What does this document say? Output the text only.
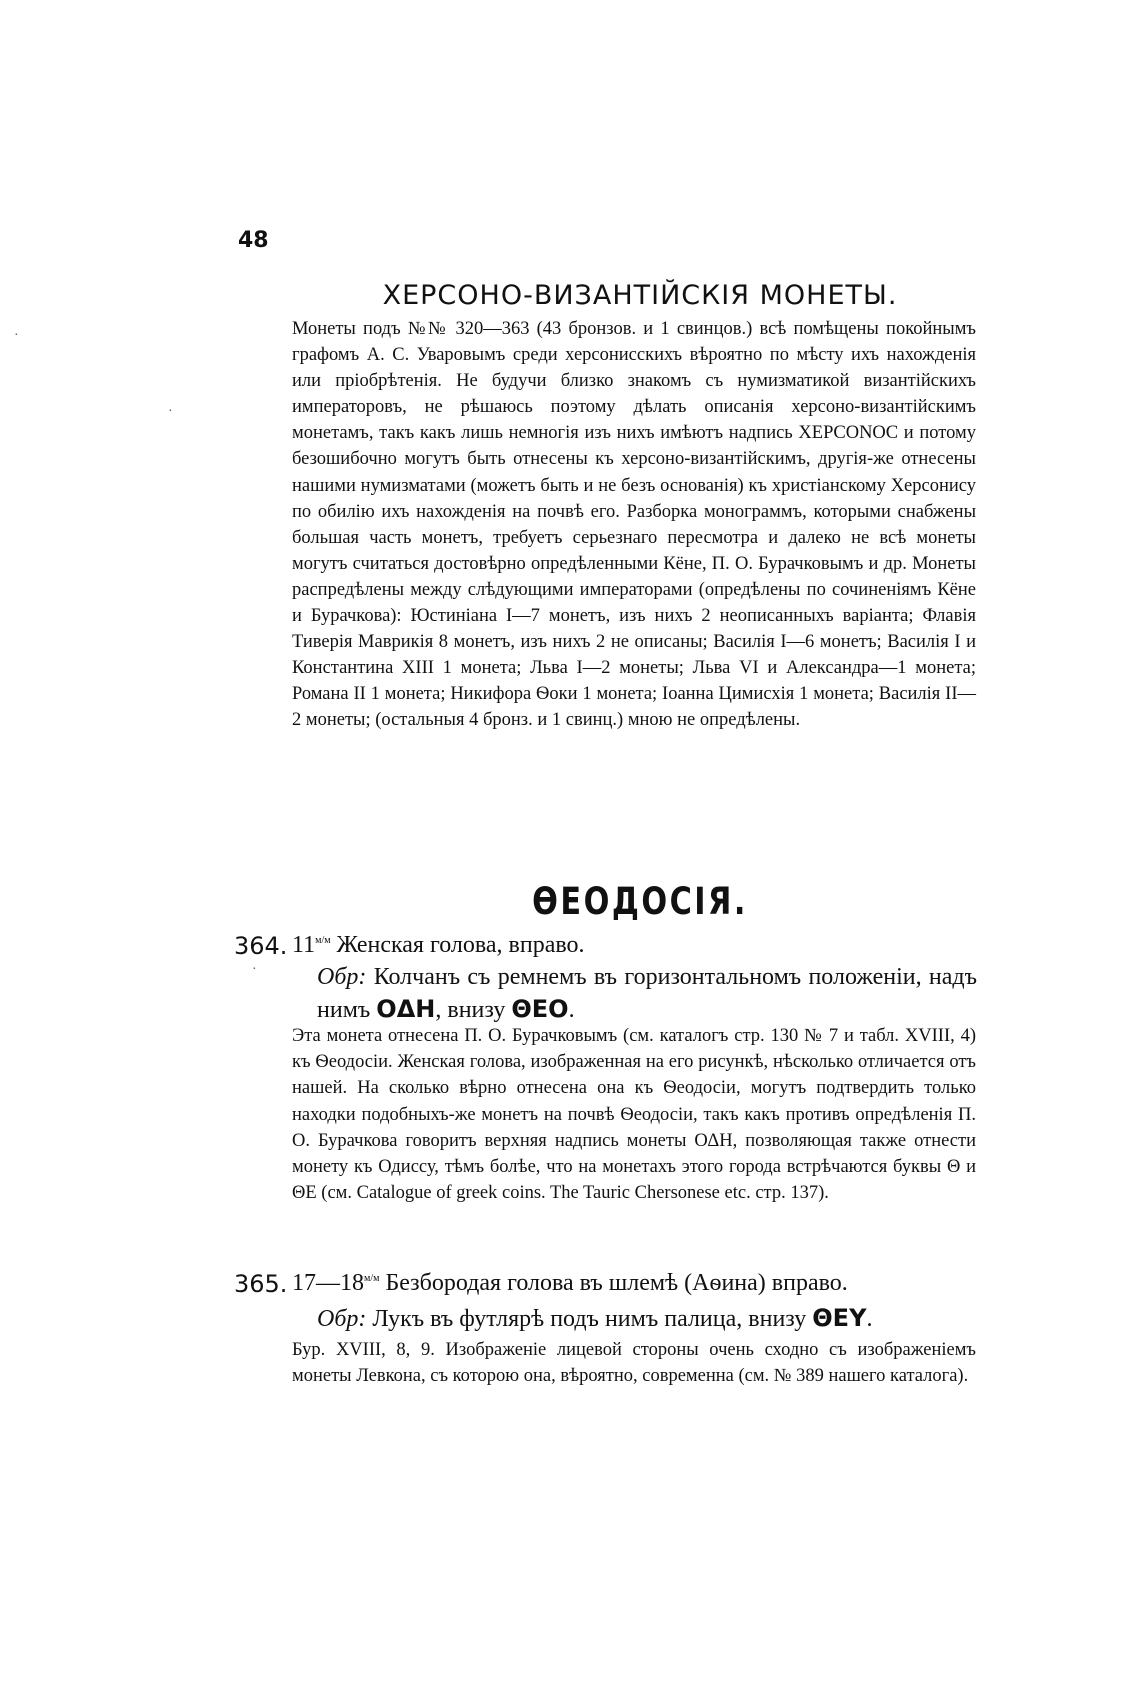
48
ХЕРСОНО-ВИЗАНТІЙСКІЯ МОНЕТЫ.
Монеты подъ №№ 320—363 (43 бронзов. и 1 свинцов.) всѣ помѣщены покойнымъ графомъ А. С. Уваровымъ среди херсонисскихъ вѣроятно по мѣсту ихъ нахожденія или пріобрѣтенія. Не будучи близко знакомъ съ нумизматикой византійскихъ императоровъ, не рѣшаюсь поэтому дѣлать описанія херсоно-византійскимъ монетамъ, такъ какъ лишь немногія изъ нихъ имѣютъ надпись ΧΕΡϹΟΝΟϹ и потому безошибочно могутъ быть отнесены къ херсоно-византійскимъ, другія-же отнесены нашими нумизматами (можетъ быть и не безъ основанія) къ христіанскому Херсонису по обилію ихъ нахожденія на почвѣ его. Разборка монограммъ, которыми снабжены большая часть монетъ, требуетъ серьезнаго пересмотра и далеко не всѣ монеты могутъ считаться достовѣрно опредѣленными Кёне, П. О. Бурачковымъ и др. Монеты распредѣлены между слѣдующими императорами (опредѣлены по сочиненіямъ Кёне и Бурачкова): Юстиніана I—7 монетъ, изъ нихъ 2 неописанныхъ варіанта; Флавія Тиверія Маврикія 8 монетъ, изъ нихъ 2 не описаны; Василія I—6 монетъ; Василія I и Константина XIII 1 монета; Льва I—2 монеты; Льва VI и Александра—1 монета; Романа II 1 монета; Никифора Ѳоки 1 монета; Іоанна Цимисхія 1 монета; Василія II—2 монеты; (остальныя 4 бронз. и 1 свинц.) мною не опредѣлены.
ѲЕОДОСІЯ.
364. $11^{м/м}$ Женская голова, вправо.
Обр: Колчанъ съ ремнемъ въ горизонтальномъ положеніи, надъ нимъ ΟΔΗ, внизу ΘΕΟ.
Эта монета отнесена П. О. Бурачковымъ (см. каталогъ стр. 130 № 7 и табл. XVIII, 4) къ Ѳеодосіи. Женская голова, изображенная на его рисункѣ, нѣсколько отличается отъ нашей. На сколько вѣрно отнесена она къ Ѳеодосіи, могутъ подтвердить только находки подобныхъ-же монетъ на почвѣ Ѳеодосіи, такъ какъ противъ опредѣленія П. О. Бурачкова говоритъ верхняя надпись монеты ΟΔΗ, позволяющая также отнести монету къ Одиссу, тѣмъ болѣе, что на монетахъ этого города встрѣчаются буквы Θ и ΘΕ (см. Catalogue of greek coins. The Tauric Chersonese etc. стр. 137).
365. $17—18^{м/м}$ Безбородая голова въ шлемѣ (Аѳина) вправо.
Обр: Лукъ въ футлярѣ подъ нимъ палица, внизу ΘΕΥ.
Бур. XVIII, 8, 9. Изображеніе лицевой стороны очень сходно съ изображеніемъ монеты Левкона, съ которою она, вѣроятно, современна (см. № 389 нашего каталога).
·
·
·
